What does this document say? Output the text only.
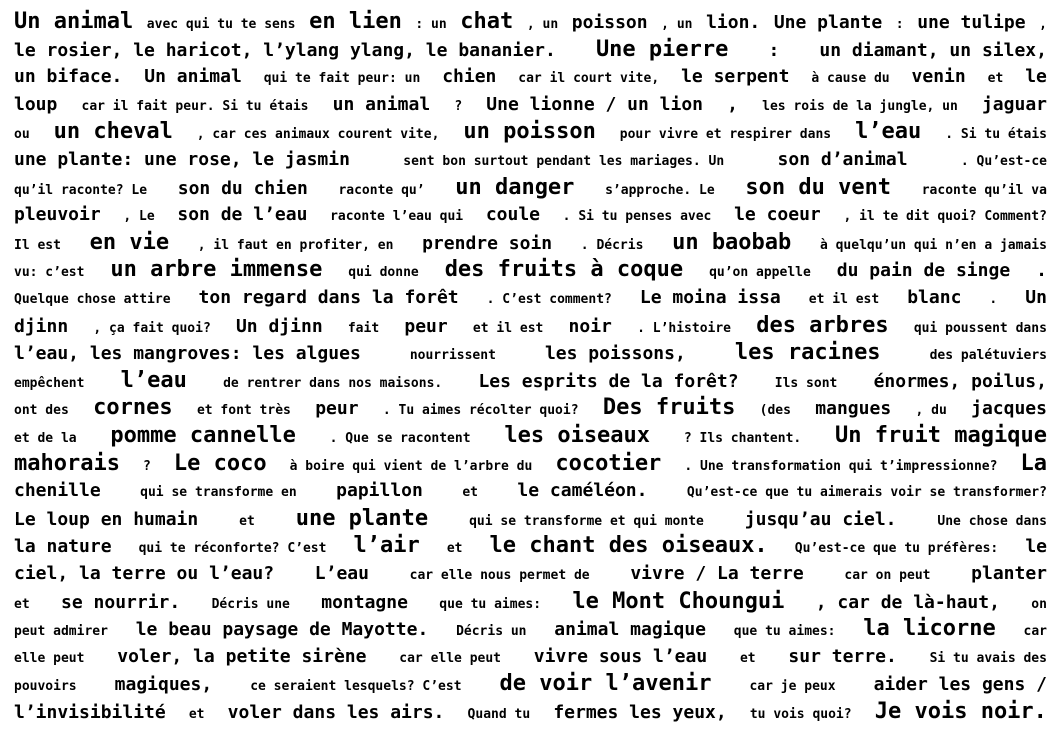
Un animal avec qui tu te sens en lien : un chat , un poisson , un lion. Une plante : une tulipe ,
le rosier, le haricot, l’ylang ylang, le bananier. Une pierre : un diamant, un silex,
un biface. Un animal qui te fait peur: un chien car il court vite, le serpent à cause du venin et le
loup car il fait peur. Si tu étais un animal ? Une lionne / un lion , les rois de la jungle, un jaguar
ou un cheval , car ces animaux courent vite, un poisson pour vivre et respirer dans l’eau . Si tu étais
une plante: une rose, le jasmin	sent bon surtout pendant les mariages. Un	son d’animal	. Qu’est-ce
qu’il raconte? Le son du chien raconte qu’ un danger s’approche. Le son du vent raconte qu’il va
pleuvoir , Le son de l’eau raconte l’eau qui coule . Si tu penses avec le coeur , il te dit quoi? Comment?
Il est en vie , il faut en profiter, en prendre soin . Décris un baobab à quelqu’un qui n’en a jamais
vu: c’est un arbre immense qui donne des fruits à coque qu’on appelle du pain de singe .
Quelque chose attire ton regard dans la forêt . C’est comment? Le moina issa et il est blanc . Un
djinn , ça fait quoi? Un djinn fait peur et il est noir . L’histoire des arbres qui poussent dans
l’eau, les mangroves: les algues	nourrissent	les poissons, les racines	des palétuviers
empêchent l’eau	de rentrer dans nos maisons. Les esprits de la forêt?	Ils sont énormes, poilus,
ont des cornes et font très peur . Tu aimes récolter quoi? Des fruits (des mangues , du jacques
et de la pomme cannelle	. Que se racontent les oiseaux	? Ils chantent. Un fruit magique
mahorais ? Le coco à boire qui vient de l’arbre du cocotier . Une transformation qui t’impressionne? La
chenille	qui se transforme en papillon	et le caméléon.	Qu’est-ce que tu aimerais voir se transformer?
Le loup en humain	et une plante	qui se transforme et qui monte jusqu’au ciel.	Une chose dans
la nature qui te réconforte? C’est l’air et le chant des oiseaux. Qu’est-ce que tu préfères: le
ciel, la terre ou l’eau? L’eau	car elle nous permet de vivre / La terre	car on peut planter
et se nourrir. Décris une montagne que tu aimes: le Mont Choungui , car de là-haut, on
peut admirer le beau paysage de Mayotte. Décris un animal magique que tu aimes: la licorne car
elle peut voler, la petite sirène	car elle peut vivre sous l’eau	et sur terre.	Si tu avais des
pouvoirs magiques,	ce seraient lesquels? C’est de voir l’avenir	car je peux aider les gens /
l’invisibilité et voler dans les airs. Quand tu fermes les yeux, tu vois quoi? Je vois noir.
